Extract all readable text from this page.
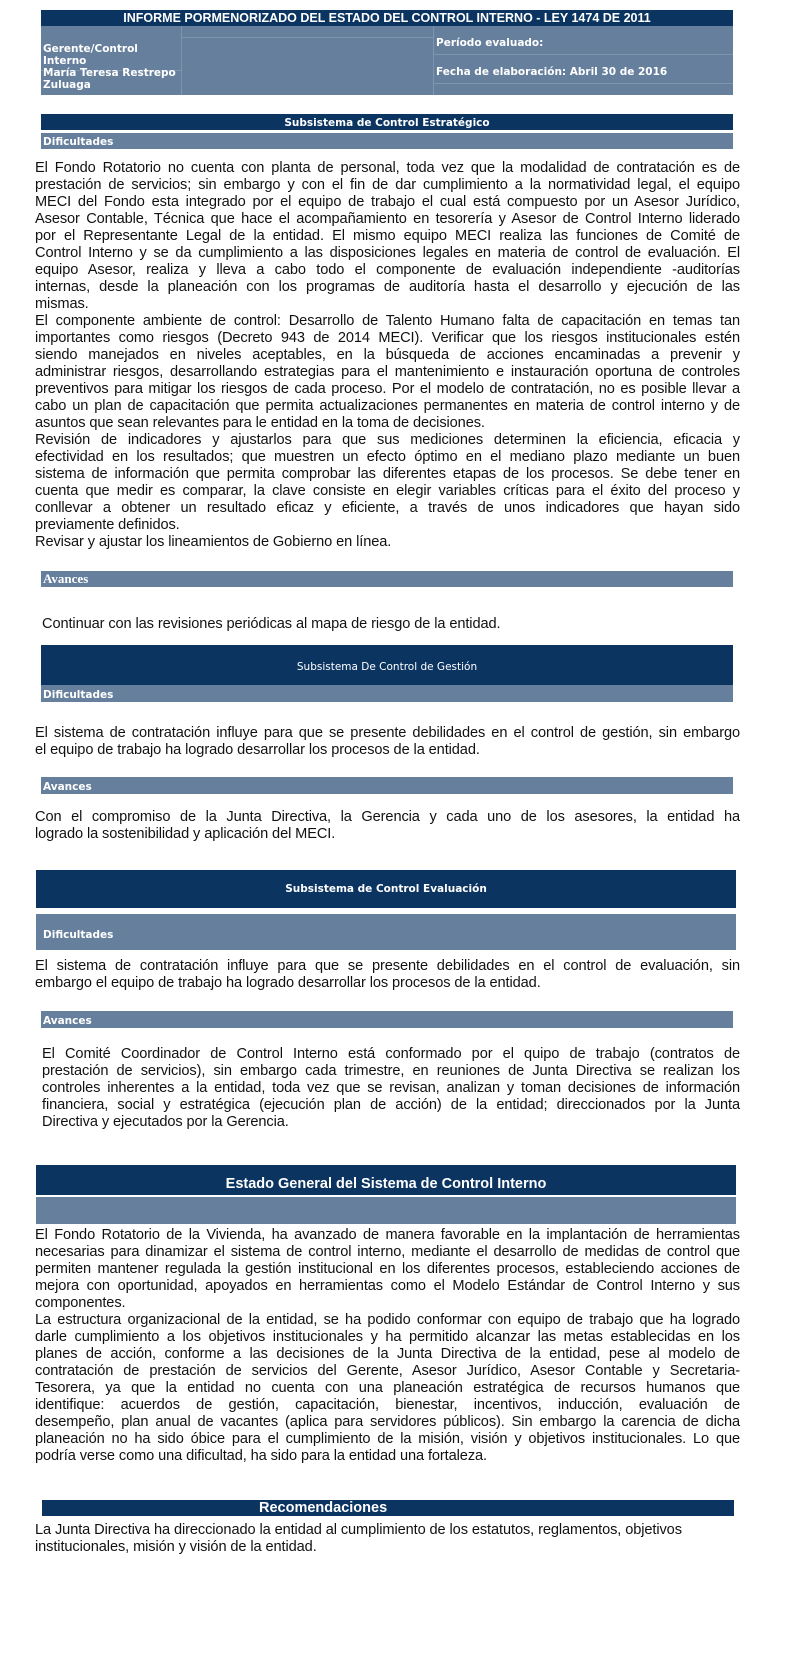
INFORME PORMENORIZADO DEL ESTADO DEL CONTROL INTERNO - LEY 1474 DE 2011
Gerente/Control
Interno
María Teresa Restrepo
Zuluaga
Período evaluado:
Fecha de elaboración: Abril 30 de 2016
Subsistema de Control Estratégico
Dificultades
El Fondo Rotatorio no cuenta con planta de personal, toda vez que la modalidad de contratación es de
prestación de servicios; sin embargo y con el fin de dar cumplimiento a la normatividad legal, el equipo
MECI del Fondo esta integrado por el equipo de trabajo el cual está compuesto por un Asesor Jurídico,
Asesor Contable, Técnica que hace el acompañamiento en tesorería y Asesor de Control Interno liderado
por el Representante Legal de la entidad. El mismo equipo MECI realiza las funciones de Comité de
Control Interno y se da cumplimiento a las disposiciones legales en materia de control de evaluación. El
equipo Asesor, realiza y lleva a cabo todo el componente de evaluación independiente -auditorías
internas, desde la planeación con los programas de auditoría hasta el desarrollo y ejecución de las
mismas.
El componente ambiente de control: Desarrollo de Talento Humano falta de capacitación en temas tan
importantes como riesgos (Decreto 943 de 2014 MECI). Verificar que los riesgos institucionales estén
siendo manejados en niveles aceptables, en la búsqueda de acciones encaminadas a prevenir y
administrar riesgos, desarrollando estrategias para el mantenimiento e instauración oportuna de controles
preventivos para mitigar los riesgos de cada proceso. Por el modelo de contratación, no es posible llevar a
cabo un plan de capacitación que permita actualizaciones permanentes en materia de control interno y de
asuntos que sean relevantes para le entidad en la toma de decisiones.
Revisión de indicadores y ajustarlos para que sus mediciones determinen la eficiencia, eficacia y
efectividad en los resultados; que muestren un efecto óptimo en el mediano plazo mediante un buen
sistema de información que permita comprobar las diferentes etapas de los procesos. Se debe tener en
cuenta que medir es comparar, la clave consiste en elegir variables críticas para el éxito del proceso y
conllevar a obtener un resultado eficaz y eficiente, a través de unos indicadores que hayan sido
previamente definidos.
Revisar y ajustar los lineamientos de Gobierno en línea.
Avances
Continuar con las revisiones periódicas al mapa de riesgo de la entidad.
Subsistema De Control de Gestión
Dificultades
El sistema de contratación influye para que se presente debilidades en el control de gestión, sin embargo
el equipo de trabajo ha logrado desarrollar los procesos de la entidad.
Avances
Con el compromiso de la Junta Directiva, la Gerencia y cada uno de los asesores, la entidad ha
logrado la sostenibilidad y aplicación del MECI.
Subsistema de Control Evaluación
Dificultades
El sistema de contratación influye para que se presente debilidades en el control de evaluación, sin
embargo el equipo de trabajo ha logrado desarrollar los procesos de la entidad.
Avances
El Comité Coordinador de Control Interno está conformado por el quipo de trabajo (contratos de
prestación de servicios), sin embargo cada trimestre, en reuniones de Junta Directiva se realizan los
controles inherentes a la entidad, toda vez que se revisan, analizan y toman decisiones de información
financiera, social y estratégica (ejecución plan de acción) de la entidad; direccionados por la Junta
Directiva y ejecutados por la Gerencia.
Estado General del Sistema de Control Interno
El Fondo Rotatorio de la Vivienda, ha avanzado de manera favorable en la implantación de herramientas
necesarias para dinamizar el sistema de control interno, mediante el desarrollo de medidas de control que
permiten mantener regulada la gestión institucional en los diferentes procesos, estableciendo acciones de
mejora con oportunidad, apoyados en herramientas como el Modelo Estándar de Control Interno y sus
componentes.
La estructura organizacional de la entidad, se ha podido conformar con equipo de trabajo que ha logrado
darle cumplimiento a los objetivos institucionales y ha permitido alcanzar las metas establecidas en los
planes de acción, conforme a las decisiones de la Junta Directiva de la entidad, pese al modelo de
contratación de prestación de servicios del Gerente, Asesor Jurídico, Asesor Contable y Secretaria-
Tesorera, ya que la entidad no cuenta con una planeación estratégica de recursos humanos que
identifique: acuerdos de gestión, capacitación, bienestar, incentivos, inducción, evaluación de
desempeño, plan anual de vacantes (aplica para servidores públicos). Sin embargo la carencia de dicha
planeación no ha sido óbice para el cumplimiento de la misión, visión y objetivos institucionales. Lo que
podría verse como una dificultad, ha sido para la entidad una fortaleza.
Recomendaciones
La Junta Directiva ha direccionado la entidad al cumplimiento de los estatutos, reglamentos, objetivos
institucionales, misión y visión de la entidad.
